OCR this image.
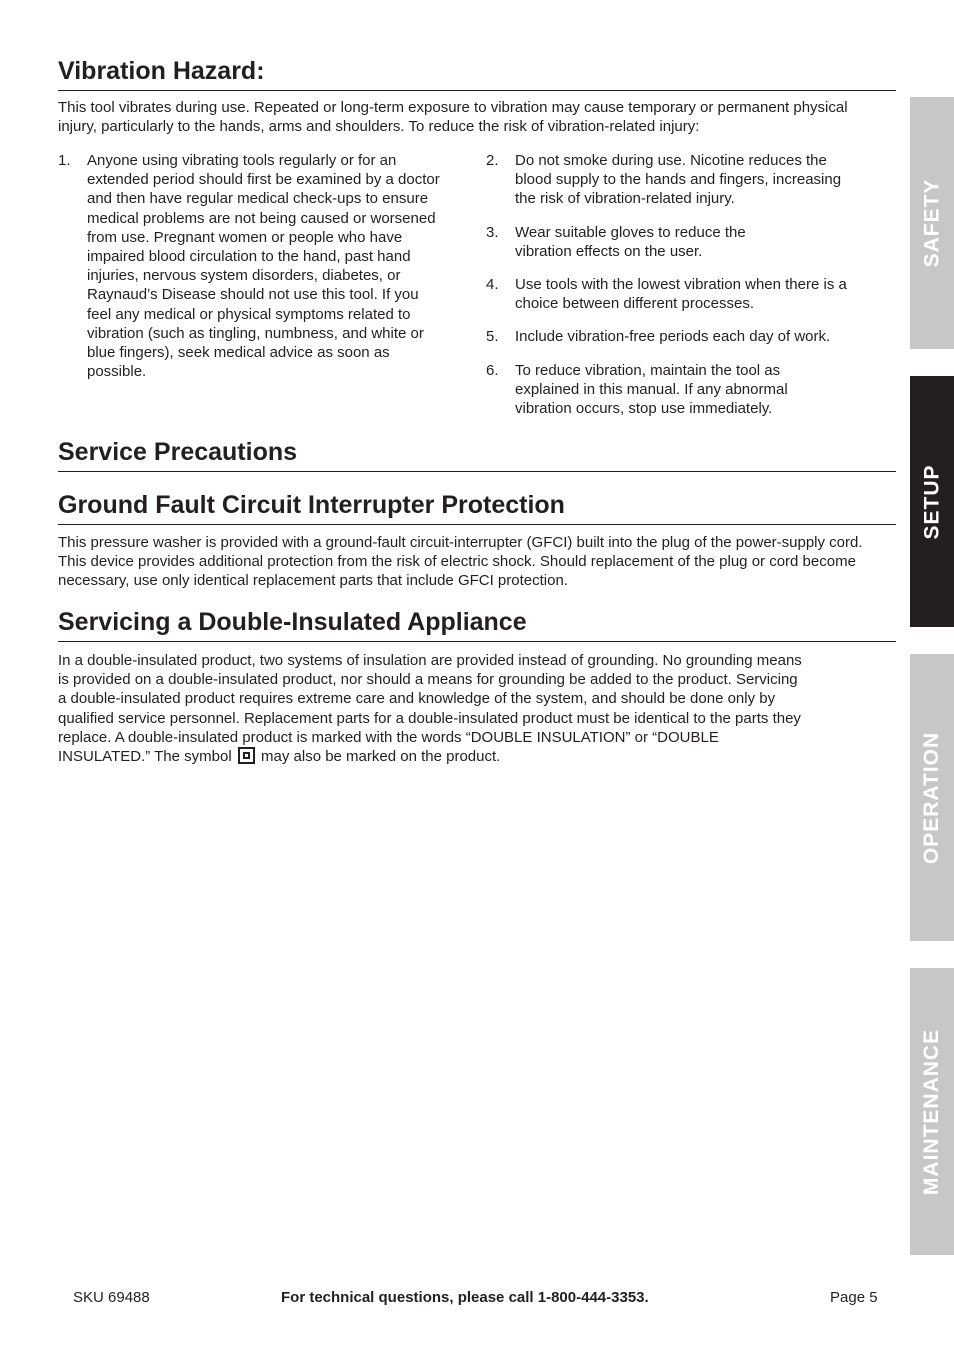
Vibration Hazard:

This tool vibrates during use. Repeated or long-term exposure to vibration may cause temporary or permanent physical injury, particularly to the hands, arms and shoulders. To reduce the risk of vibration-related injury:

1. Anyone using vibrating tools regularly or for an extended period should first be examined by a doctor and then have regular medical check-ups to ensure medical problems are not being caused or worsened from use. Pregnant women or people who have impaired blood circulation to the hand, past hand injuries, nervous system disorders, diabetes, or Raynaud’s Disease should not use this tool. If you feel any medical or physical symptoms related to vibration (such as tingling, numbness, and white or blue fingers), seek medical advice as soon as possible.
2. Do not smoke during use. Nicotine reduces the blood supply to the hands and fingers, increasing the risk of vibration-related injury.
3. Wear suitable gloves to reduce the vibration effects on the user.
4. Use tools with the lowest vibration when there is a choice between different processes.
5. Include vibration-free periods each day of work.
6. To reduce vibration, maintain the tool as explained in this manual. If any abnormal vibration occurs, stop use immediately.
Service Precautions
Ground Fault Circuit Interrupter Protection

This pressure washer is provided with a ground-fault circuit-interrupter (GFCI) built into the plug of the power-supply cord. This device provides additional protection from the risk of electric shock. Should replacement of the plug or cord become necessary, use only identical replacement parts that include GFCI protection.

Servicing a Double-Insulated Appliance

In a double-insulated product, two systems of insulation are provided instead of grounding. No grounding means is provided on a double-insulated product, nor should a means for grounding be added to the product. Servicing a double-insulated product requires extreme care and knowledge of the system, and should be done only by qualified service personnel. Replacement parts for a double-insulated product must be identical to the parts they replace. A double-insulated product is marked with the words “DOUBLE INSULATION” or “DOUBLE INSULATED.” The symbol may also be marked on the product.

SAFETY
SETUP
OPERATION
MAINTENANCE
SKU 69488	For technical questions, please call 1-800-444-3353.	Page 5
